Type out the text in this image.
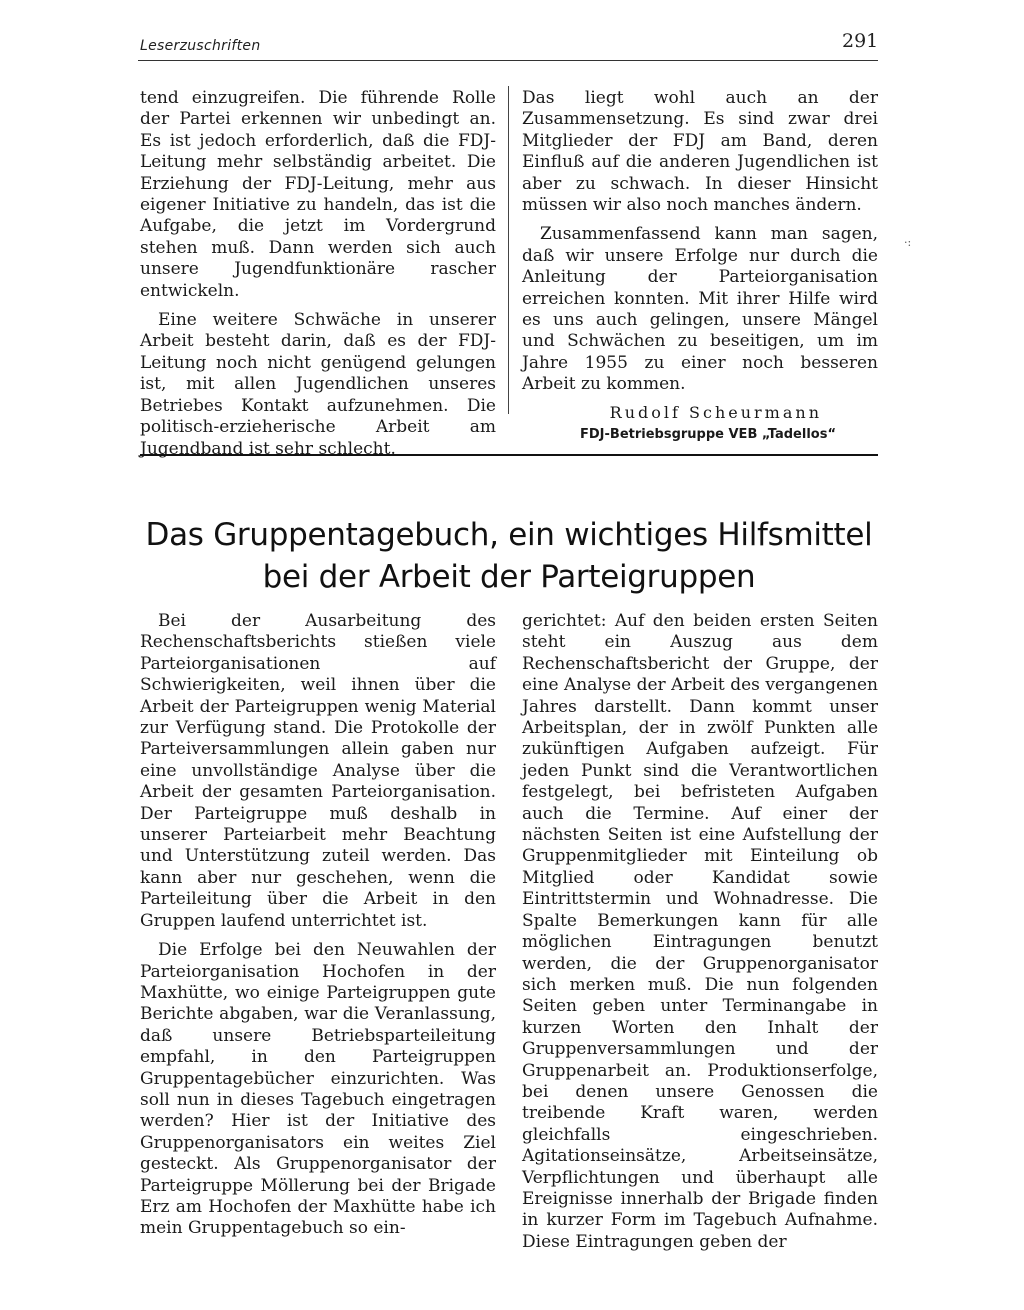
Leserzuschriften	291

tend einzugreifen. Die führende Rolle der Partei erkennen wir unbedingt an. Es ist jedoch erforderlich, daß die FDJ-Leitung mehr selbständig arbeitet. Die Erziehung der FDJ-Leitung, mehr aus eigener Initiative zu handeln, das ist die Aufgabe, die jetzt im Vordergrund stehen muß. Dann werden sich auch unsere Jugendfunktionäre rascher entwickeln.

Eine weitere Schwäche in unserer Arbeit besteht darin, daß es der FDJ-Leitung noch nicht genügend gelungen ist, mit allen Jugendlichen unseres Betriebes Kontakt aufzunehmen. Die politisch-erzieherische Arbeit am Jugendband ist sehr schlecht.

Das liegt wohl auch an der Zusammensetzung. Es sind zwar drei Mitglieder der FDJ am Band, deren Einfluß auf die anderen Jugendlichen ist aber zu schwach. In dieser Hinsicht müssen wir also noch manches ändern.

Zusammenfassend kann man sagen, daß wir unsere Erfolge nur durch die Anleitung der Parteiorganisation erreichen konnten. Mit ihrer Hilfe wird es uns auch gelingen, unsere Mängel und Schwächen zu beseitigen, um im Jahre 1955 zu einer noch besseren Arbeit zu kommen.

Rudolf Scheurmann
FDJ-Betriebsgruppe VEB „Tadellos“
·:
Das Gruppentagebuch, ein wichtiges Hilfsmittel
bei der Arbeit der Parteigruppen

Bei der Ausarbeitung des Rechenschaftsberichts stießen viele Parteiorganisationen auf Schwierigkeiten, weil ihnen über die Arbeit der Parteigruppen wenig Material zur Verfügung stand. Die Protokolle der Parteiversammlungen allein gaben nur eine unvollständige Analyse über die Arbeit der gesamten Parteiorganisation. Der Parteigruppe muß deshalb in unserer Parteiarbeit mehr Beachtung und Unterstützung zuteil werden. Das kann aber nur geschehen, wenn die Parteileitung über die Arbeit in den Gruppen laufend unterrichtet ist.

Die Erfolge bei den Neuwahlen der Parteiorganisation Hochofen in der Maxhütte, wo einige Parteigruppen gute Berichte abgaben, war die Veranlassung, daß unsere Betriebsparteileitung empfahl, in den Parteigruppen Gruppentagebücher einzurichten. Was soll nun in dieses Tagebuch eingetragen werden? Hier ist der Initiative des Gruppenorganisators ein weites Ziel gesteckt. Als Gruppenorganisator der Parteigruppe Möllerung bei der Brigade Erz am Hochofen der Maxhütte habe ich mein Gruppentagebuch so ein-

gerichtet: Auf den beiden ersten Seiten steht ein Auszug aus dem Rechenschaftsbericht der Gruppe, der eine Analyse der Arbeit des vergangenen Jahres darstellt. Dann kommt unser Arbeitsplan, der in zwölf Punkten alle zukünftigen Aufgaben aufzeigt. Für jeden Punkt sind die Verantwortlichen festgelegt, bei befristeten Aufgaben auch die Termine. Auf einer der nächsten Seiten ist eine Aufstellung der Gruppenmitglieder mit Einteilung ob Mitglied oder Kandidat sowie Eintrittstermin und Wohnadresse. Die Spalte Bemerkungen kann für alle möglichen Eintragungen benutzt werden, die der Gruppenorganisator sich merken muß. Die nun folgenden Seiten geben unter Terminangabe in kurzen Worten den Inhalt der Gruppenversammlungen und der Gruppenarbeit an. Produktionserfolge, bei denen unsere Genossen die treibende Kraft waren, werden gleichfalls eingeschrieben. Agitationseinsätze, Arbeitseinsätze, Verpflichtungen und überhaupt alle Ereignisse innerhalb der Brigade finden in kurzer Form im Tagebuch Aufnahme. Diese Eintragungen geben der
